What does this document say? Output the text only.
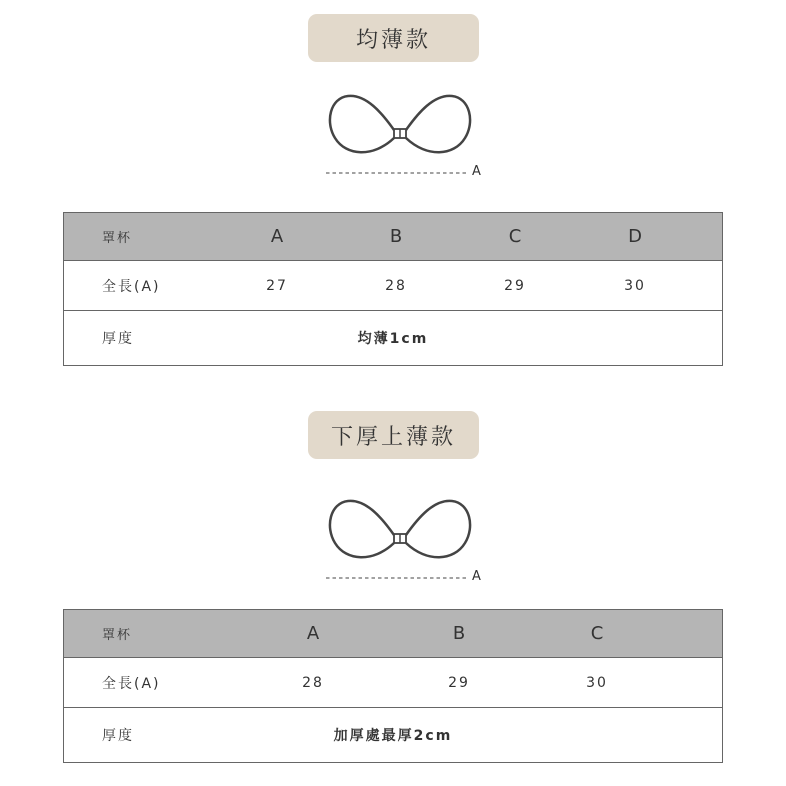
均薄款
A
罩杯	A	B	C	D
全長(A)	27	28	29	30
厚度	均薄1cm
下厚上薄款
A
罩杯	A	B	C
全長(A)	28	29	30
厚度	加厚處最厚2cm
